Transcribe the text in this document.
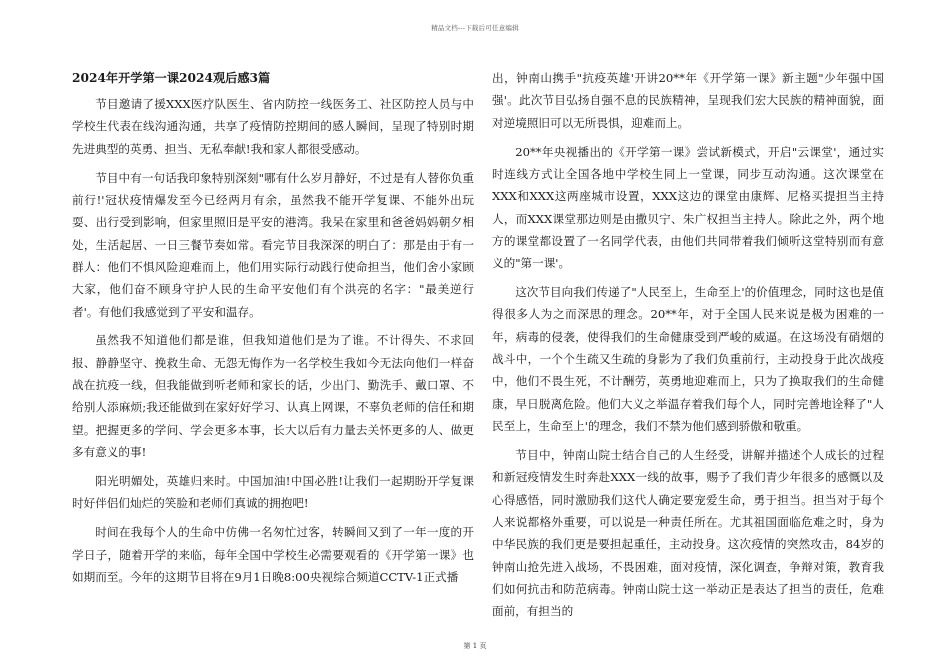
精品文档---下载后可任意编辑
2024年开学第一课2024观后感3篇

节目邀请了援XXX医疗队医生、省内防控一线医务工、社区防控人员与中学校生代表在线沟通沟通，共享了疫情防控期间的感人瞬间，呈现了特别时期先进典型的英勇、担当、无私奉献!我和家人都很受感动。

节目中有一句话我印象特别深刻"哪有什么岁月静好，不过是有人替你负重前行!'冠状疫情爆发至今已经两月有余，虽然我不能开学复课、不能外出玩耍、出行受到影响，但家里照旧是平安的港湾。我呆在家里和爸爸妈妈朝夕相处，生活起居、一日三餐节奏如常。看完节目我深深的明白了：那是由于有一群人：他们不惧风险迎难而上，他们用实际行动践行使命担当，他们舍小家顾大家，他们奋不顾身守护人民的生命平安他们有个洪亮的名字："最美逆行者'。有他们我感觉到了平安和温存。

虽然我不知道他们都是谁，但我知道他们是为了谁。不计得失、不求回报、静静坚守、挽救生命、无怨无悔作为一名学校生我如今无法向他们一样奋战在抗疫一线，但我能做到听老师和家长的话，少出门、勤洗手、戴口罩、不给别人添麻烦;我还能做到在家好好学习、认真上网课，不辜负老师的信任和期望。把握更多的学问、学会更多本事，长大以后有力量去关怀更多的人、做更多有意义的事!

阳光明媚处，英雄归来时。中国加油!中国必胜!让我们一起期盼开学复课时好伴侣们灿烂的笑脸和老师们真诚的拥抱吧!

时间在我每个人的生命中仿佛一名匆忙过客，转瞬间又到了一年一度的开学日子，随着开学的来临，每年全国中学校生必需要观看的《开学第一课》也如期而至。今年的这期节目将在9月1日晚8:00央视综合频道CCTV-1正式播

出，钟南山携手"抗疫英雄'开讲20**年《开学第一课》新主题"少年强中国强'。此次节目弘扬自强不息的民族精神，呈现我们宏大民族的精神面貌，面对逆境照旧可以无所畏惧，迎难而上。

20**年央视播出的《开学第一课》尝试新模式，开启"云课堂'，通过实时连线方式让全国各地中学校生同上一堂课，同步互动沟通。这次课堂在XXX和XXX这两座城市设置，XXX这边的课堂由康辉、尼格买提担当主持人，而XXX课堂那边则是由撒贝宁、朱广权担当主持人。除此之外，两个地方的课堂都设置了一名同学代表，由他们共同带着我们倾听这堂特别而有意义的"第一课'。

这次节目向我们传递了"人民至上，生命至上'的价值理念，同时这也是值得很多人为之而深思的理念。20**年，对于全国人民来说是极为困难的一年，病毒的侵袭，使得我们的生命健康受到严峻的威逼。在这场没有硝烟的战斗中，一个个生疏又生疏的身影为了我们负重前行，主动投身于此次战疫中，他们不畏生死，不计酬劳，英勇地迎难而上，只为了换取我们的生命健康，早日脱离危险。他们大义之举温存着我们每个人，同时完善地诠释了"人民至上，生命至上'的理念，我们不禁为他们感到骄傲和敬重。

节目中，钟南山院士结合自己的人生经受，讲解并描述个人成长的过程和新冠疫情发生时奔赴XXX一线的故事，赐予了我们青少年很多的感慨以及心得感悟，同时激励我们这代人确定要宠爱生命，勇于担当。担当对于每个人来说都格外重要，可以说是一种责任所在。尤其祖国面临危难之时，身为中华民族的我们更是要担起重任，主动投身。这次疫情的突然攻击，84岁的钟南山抢先进入战场，不畏困难，面对疫情，深化调查，争辩对策，教育我们如何抗击和防范病毒。钟南山院士这一举动正是表达了担当的责任，危难面前，有担当的

第 1 页
